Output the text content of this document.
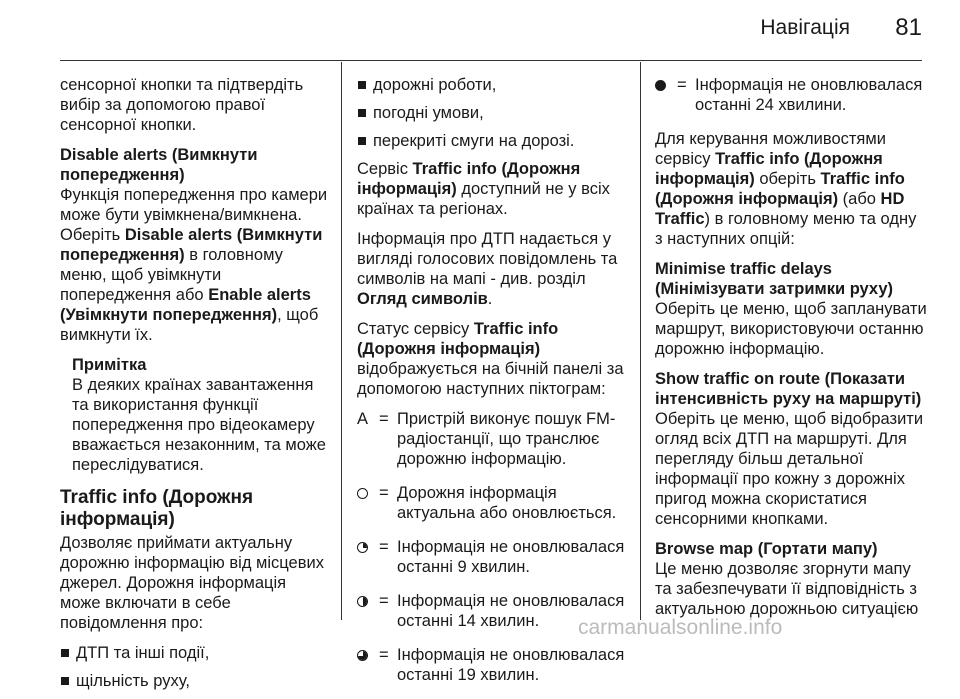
Навігація 81

сенсорної кнопки та підтвердіть вибір за допомогою правої сенсорної кнопки.

Disable alerts (Вимкнути попередження)

Функція попередження про камери може бути увімкнена/вимкнена. Оберіть Disable alerts (Вимкнути попередження) в головному меню, щоб увімкнути попередження або Enable alerts (Увімкнути попередження), щоб вимкнути їх.

Примітка
В деяких країнах завантаження та використання функції попередження про відеокамеру вважається незаконним, та може переслідуватися.
Traffic info (Дорожня інформація)

Дозволяє приймати актуальну дорожню інформацію від місцевих джерел. Дорожня інформація може включати в себе повідомлення про:

ДТП та інші події,
щільність руху,
дорожні роботи,
погодні умови,
перекриті смуги на дорозі.

Сервіс Traffic info (Дорожня інформація) доступний не у всіх країнах та регіонах.

Інформація про ДТП надається у вигляді голосових повідомлень та символів на мапі - див. розділ Огляд символів.

Статус сервісу Traffic info (Дорожня інформація) відображується на бічній панелі за допомогою наступних піктограм:

A = Пристрій виконує пошук FM-радіостанції, що транслює дорожню інформацію.
= Дорожня інформація актуальна або оновлюється.
= Інформація не оновлювалася останні 9 хвилин.
= Інформація не оновлювалася останні 14 хвилин.
= Інформація не оновлювалася останні 19 хвилин.
= Інформація не оновлювалася останні 24 хвилини.

Для керування можливостями сервісу Traffic info (Дорожня інформація) оберіть Traffic info (Дорожня інформація) (або HD Traffic) в головному меню та одну з наступних опцій:

Minimise traffic delays (Мінімізувати затримки руху)

Оберіть це меню, щоб запланувати маршрут, використовуючи останню дорожню інформацію.

Show traffic on route (Показати інтенсивність руху на маршруті)

Оберіть це меню, щоб відобразити огляд всіх ДТП на маршруті. Для перегляду більш детальної інформації про кожну з дорожніх пригод можна скористатися сенсорними кнопками.

Browse map (Гортати мапу)

Це меню дозволяє згорнути мапу та забезпечувати її відповідність з актуальною дорожньою ситуацією

carmanualsonline.info
